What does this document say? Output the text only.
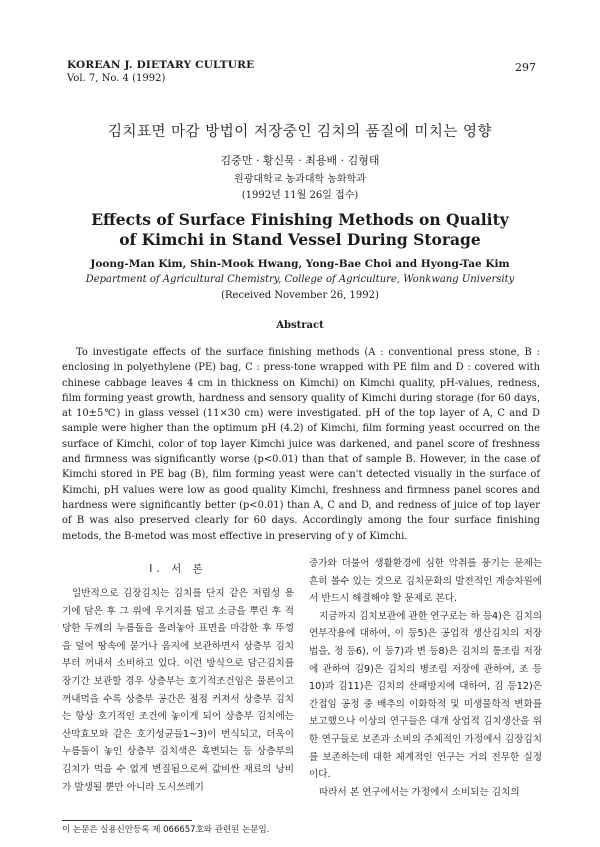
KOREAN J. DIETARY CULTURE
Vol. 7, No. 4 (1992)
297
김치표면 마감 방법이 저장중인 김치의 품질에 미치는 영향
김중만 · 황신묵 · 최용배 · 김형태
원광대학교 농과대학 농화학과
(1992년 11월 26일 접수)
Effects of Surface Finishing Methods on Quality
of Kimchi in Stand Vessel During Storage
Joong-Man Kim, Shin-Mook Hwang, Yong-Bae Choi and Hyong-Tae Kim
Department of Agricultural Chemistry, College of Agriculture, Wonkwang University
(Received November 26, 1992)
Abstract

To investigate effects of the surface finishing methods (A : conventional press stone, B : enclosing in polyethylene (PE) bag, C : press-tone wrapped with PE film and D : covered with chinese cabbage leaves 4 cm in thickness on Kimchi) on Kimchi quality, pH-values, redness, film forming yeast growth, hardness and sensory quality of Kimchi during storage (for 60 days, at 10±5℃) in glass vessel (11×30 cm) were investigated. pH of the top layer of A, C and D sample were higher than the optimum pH (4.2) of Kimchi, film forming yeast occurred on the surface of Kimchi, color of top layer Kimchi juice was darkened, and panel score of freshness and firmness was significantly worse (p<0.01) than that of sample B. However, in the case of Kimchi stored in PE bag (B), film forming yeast were can't detected visually in the surface of Kimchi, pH values were low as good quality Kimchi, freshness and firmness panel scores and hardness were significantly better (p<0.01) than A, C and D, and redness of juice of top layer of B was also preserved clearly for 60 days. Accordingly among the four surface finishing metods, the B-metod was most effective in preserving of y of Kimchi.

I. 서 론

일반적으로 김장김치는 김치를 단지 같은 저립성 용기에 담은 후 그 위에 우거지를 덮고 소금을 뿌린 후 적당한 두께의 누름돌을 올려놓아 표면을 마감한 후 뚜껑을 덮어 땅속에 묻거나 음지에 보관하면서 상층부 김치부터 꺼내서 소비하고 있다. 이런 방식으로 담근김치를 장기간 보관할 경우 상층부는 호기적조건임은 물론이고 꺼내먹을 수록 상층부 공간은 점점 커져서 상층부 김치는 항상 호기적인 조건에 놓이게 되어 상층부 김치에는 산막효모와 같은 호기성균들1~3)이 번식되고, 더욱이 누름돌이 놓인 상층부 김치색은 흑변되는 등 상층부의 김치가 먹을 수 없게 변질됨으로써 값비싼 재료의 낭비가 발생될 뿐만 아니라 도시쓰레기

증가와 더불어 생활환경에 심한 악취를 풍기는 문제는 흔히 볼수 있는 것으로 김치문화의 발전적인 계승차원에서 반드시 해결해야 할 문제로 본다.

지금까지 김치보관에 관한 연구로는 하 등4)은 김치의 연부작용에 대하여, 이 등5)은 공업적 생산김치의 저장법을, 정 등6), 이 등7)과 변 등8)은 김치의 통조림 저장에 관하여 김9)은 김치의 병조림 저장에 관하여, 조 등10)과 김11)은 김치의 산패방지에 대하여, 김 등12)은 간접임 공정 중 배추의 이화학적 및 미생물학적 변화를 보고했으나 이상의 연구들은 대개 상업적 김치생산을 위한 연구들로 보존과 소비의 주체적인 가정에서 김장김치를 보존하는데 대한 체계적인 연구는 거의 전무한 실정이다.

따라서 본 연구에서는 가정에서 소비되는 김치의

이 논문은 실용신안등록 제 066657호와 관련된 논문임.
